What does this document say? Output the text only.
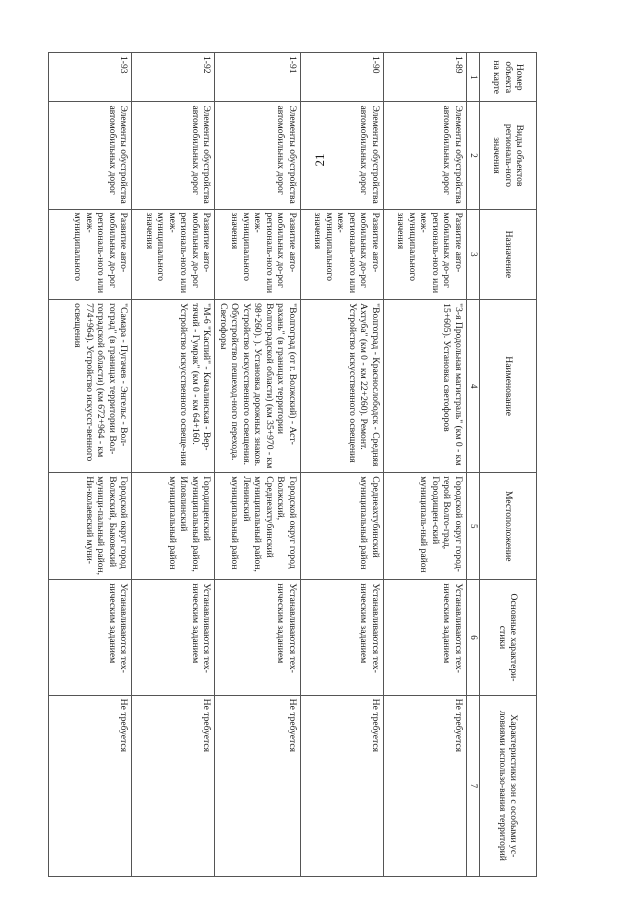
21
Номер объекта на карте	Виды объектов региональ-ного значения	Назначение	Наименование	Местоположение	Основные характери-стики	Характеристики зон с особыми ус-ловиями использо-вания территорий
1	2	3	4	5	6	7
1-89	Элементы обустройства автомобильных дорог	Развитие авто-мобильных до-рог региональ-ного или меж-муниципального значения	"3-я Продольная магистраль" (км 0 - км 15+605). Установка светофоров	Городской округ город-герой Волго-град, Городищен-ский муниципаль-ный район	Устанавливаются тех-ническим заданием	Не требуется
1-90	Элементы обустройства автомобильных дорог	Развитие авто-мобильных до-рог региональ-ного или меж-муниципального значения	"Волгоград - Краснослободск - Средняя Ахтуба" (км 0 - км 22+260). Ремонт. Устройство искусственного освещения	Среднеахтубинский муниципальный район	Устанавливаются тех-ническим заданием	Не требуется
1-91	Элементы обустройства автомобильных дорог	Развитие авто-мобильных до-рог региональ-ного или меж-муниципального значения	"Волгоград (от г. Волжский) - Аст-рахань" (в границах территории Волгоградской области) (км 35+970 - км 98+260). ). Установка дорожных знаков. Устройство искусственного освещения. Обустройство пешеход-ного перехода. Светофоры	Городской округ город Волжский, Среднеахтубинский муниципальный район, Ленинский муниципальный район	Устанавливаются тех-ническим заданием	Не требуется
1-92	Элементы обустройства автомобильных дорог	Развитие авто-мобильных до-рог региональ-ного или меж-муниципального значения	"М-6 "Каспий" - Качалинская - Вер-тячий - Гумрак" (км 0 - км 64+160. Устройство искусственного освеще-ния	Городищенский муниципальный район, Иловлинский муниципальный район	Устанавливаются тех-ническим заданием	Не требуется
1-93	Элементы обустройства автомобильных дорог	Развитие авто-мобильных до-рог региональ-ного или меж-муниципального	"Самара - Пугачев - Энгельс - Вол-гоград" (в границах территории Вол-гоградской области) (км 672+964 - км 774+964). Устройство искусст-венного освещения	Городской округ город Волжский, Быковский муници-пальный район, Ни-колаевский муни-	Устанавливаются тех-ническим заданием	Не требуется
